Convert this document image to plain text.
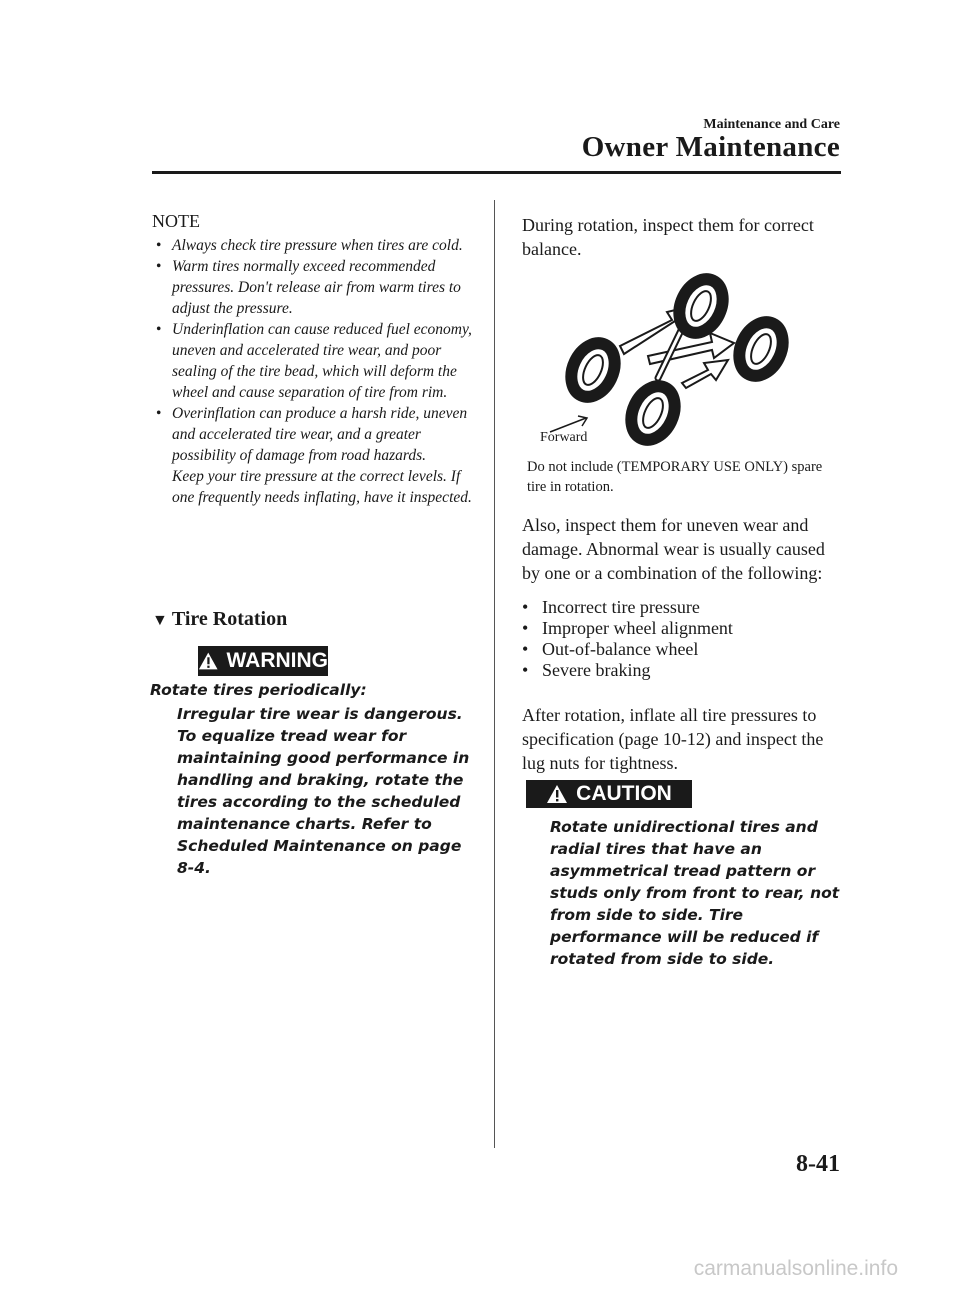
Maintenance and Care
Owner Maintenance
NOTE
• Always check tire pressure when tires are cold.
• Warm tires normally exceed recommended pressures. Don't release air from warm tires to adjust the pressure.
• Underinflation can cause reduced fuel economy, uneven and accelerated tire wear, and poor sealing of the tire bead, which will deform the wheel and cause separation of tire from rim.
• Overinflation can produce a harsh ride, uneven and accelerated tire wear, and a greater possibility of damage from road hazards.
Keep your tire pressure at the correct levels. If one frequently needs inflating, have it inspected.
▼ Tire Rotation
WARNING
Rotate tires periodically:
Irregular tire wear is dangerous. To equalize tread wear for maintaining good performance in handling and braking, rotate the tires according to the scheduled maintenance charts. Refer to Scheduled Maintenance on page 8-4.
During rotation, inspect them for correct balance.
Forward
Do not include (TEMPORARY USE ONLY) spare tire in rotation.
Also, inspect them for uneven wear and damage. Abnormal wear is usually caused by one or a combination of the following:
• Incorrect tire pressure
• Improper wheel alignment
• Out-of-balance wheel
• Severe braking
After rotation, inflate all tire pressures to specification (page 10-12) and inspect the lug nuts for tightness.
CAUTION
Rotate unidirectional tires and radial tires that have an asymmetrical tread pattern or studs only from front to rear, not from side to side. Tire performance will be reduced if rotated from side to side.
8-41
carmanualsonline.info
